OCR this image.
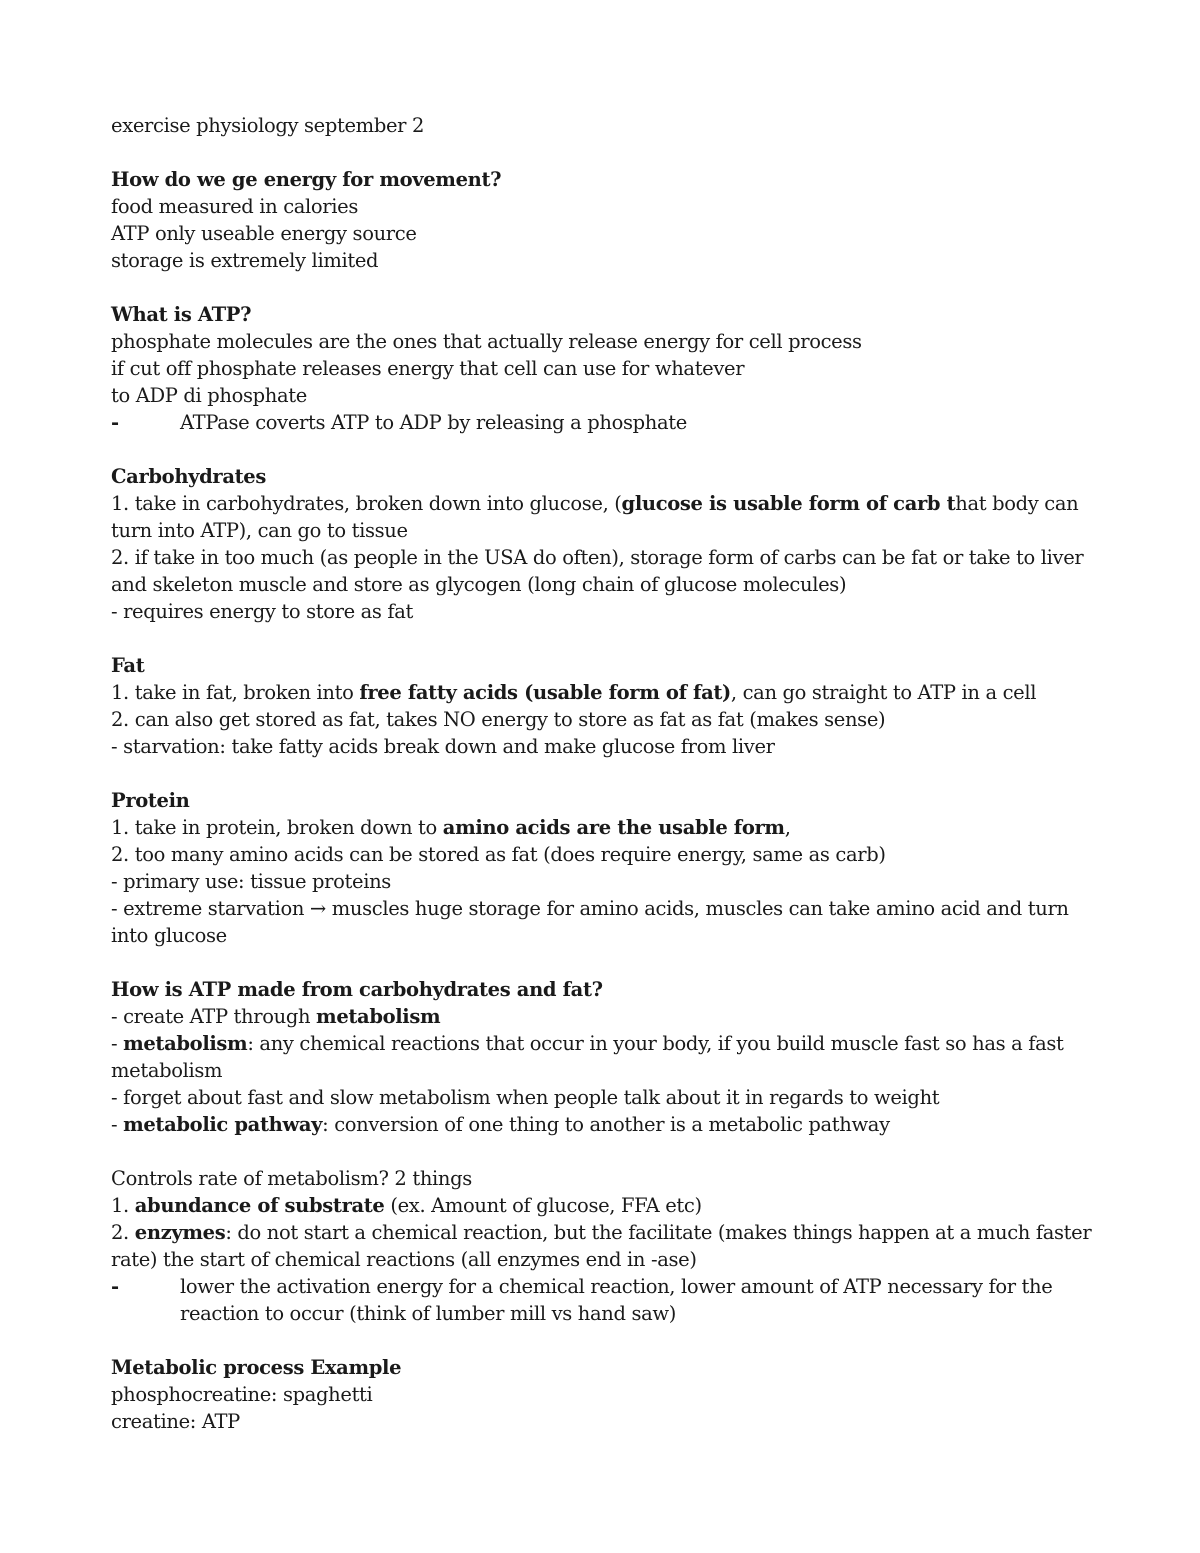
exercise physiology september 2
How do we ge energy for movement?
food measured in calories
ATP only useable energy source
storage is extremely limited
What is ATP?
phosphate molecules are the ones that actually release energy for cell process
if cut off phosphate releases energy that cell can use for whatever
to ADP di phosphate
-	ATPase coverts ATP to ADP by releasing a phosphate
Carbohydrates
1. take in carbohydrates, broken down into glucose, (glucose is usable form of carb that body can turn into ATP), can go to tissue
2. if take in too much (as people in the USA do often), storage form of carbs can be fat or take to liver and skeleton muscle and store as glycogen (long chain of glucose molecules)
- requires energy to store as fat
Fat
1. take in fat, broken into free fatty acids (usable form of fat), can go straight to ATP in a cell
2. can also get stored as fat, takes NO energy to store as fat as fat (makes sense)
- starvation: take fatty acids break down and make glucose from liver
Protein
1. take in protein, broken down to amino acids are the usable form,
2. too many amino acids can be stored as fat (does require energy, same as carb)
- primary use: tissue proteins
- extreme starvation → muscles huge storage for amino acids, muscles can take amino acid and turn into glucose
How is ATP made from carbohydrates and fat?
- create ATP through metabolism
- metabolism: any chemical reactions that occur in your body, if you build muscle fast so has a fast metabolism
- forget about fast and slow metabolism when people talk about it in regards to weight
- metabolic pathway: conversion of one thing to another is a metabolic pathway
Controls rate of metabolism? 2 things
1. abundance of substrate (ex. Amount of glucose, FFA etc)
2. enzymes: do not start a chemical reaction, but the facilitate (makes things happen at a much faster rate) the start of chemical reactions (all enzymes end in -ase)
-	lower the activation energy for a chemical reaction, lower amount of ATP necessary for the reaction to occur (think of lumber mill vs hand saw)
Metabolic process Example
phosphocreatine: spaghetti
creatine: ATP
